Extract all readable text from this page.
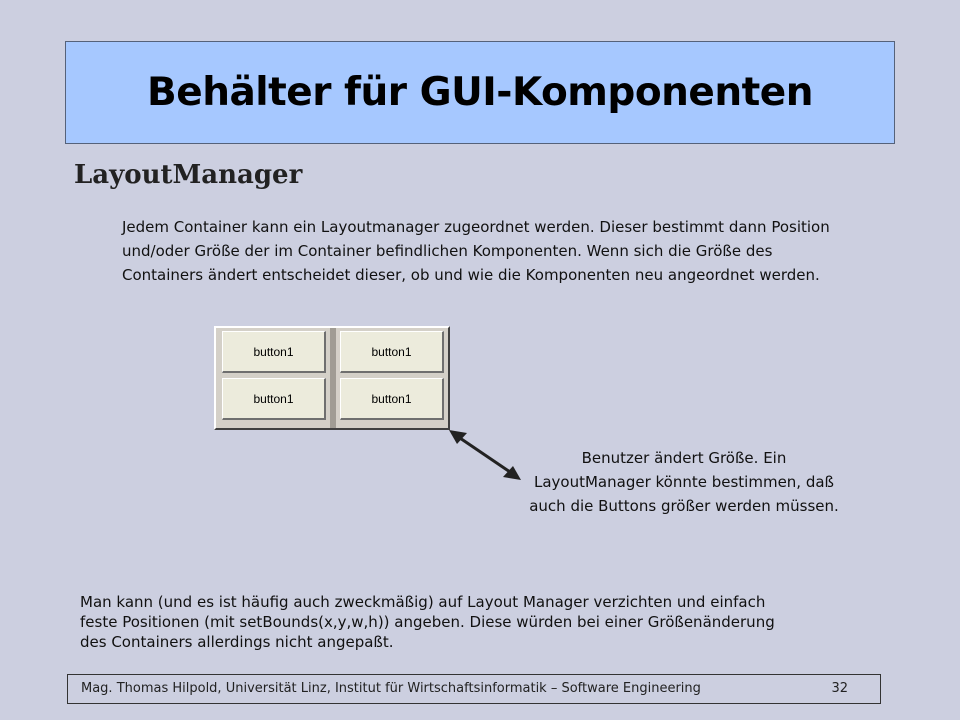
Behälter für GUI-Komponenten
LayoutManager
Jedem Container kann ein Layoutmanager zugeordnet werden. Dieser bestimmt dann Position und/oder Größe der im Container befindlichen Komponenten. Wenn sich die Größe des Containers ändert entscheidet dieser, ob und wie die Komponenten neu angeordnet werden.
button1	button1
button1	button1
Benutzer ändert Größe. Ein LayoutManager könnte bestimmen, daß auch die Buttons größer werden müssen.
Man kann (und es ist häufig auch zweckmäßig) auf Layout Manager verzichten und einfach feste Positionen (mit setBounds(x,y,w,h)) angeben. Diese würden bei einer Größenänderung des Containers allerdings nicht angepaßt.
Mag. Thomas Hilpold, Universität Linz, Institut für Wirtschaftsinformatik – Software Engineering	32
